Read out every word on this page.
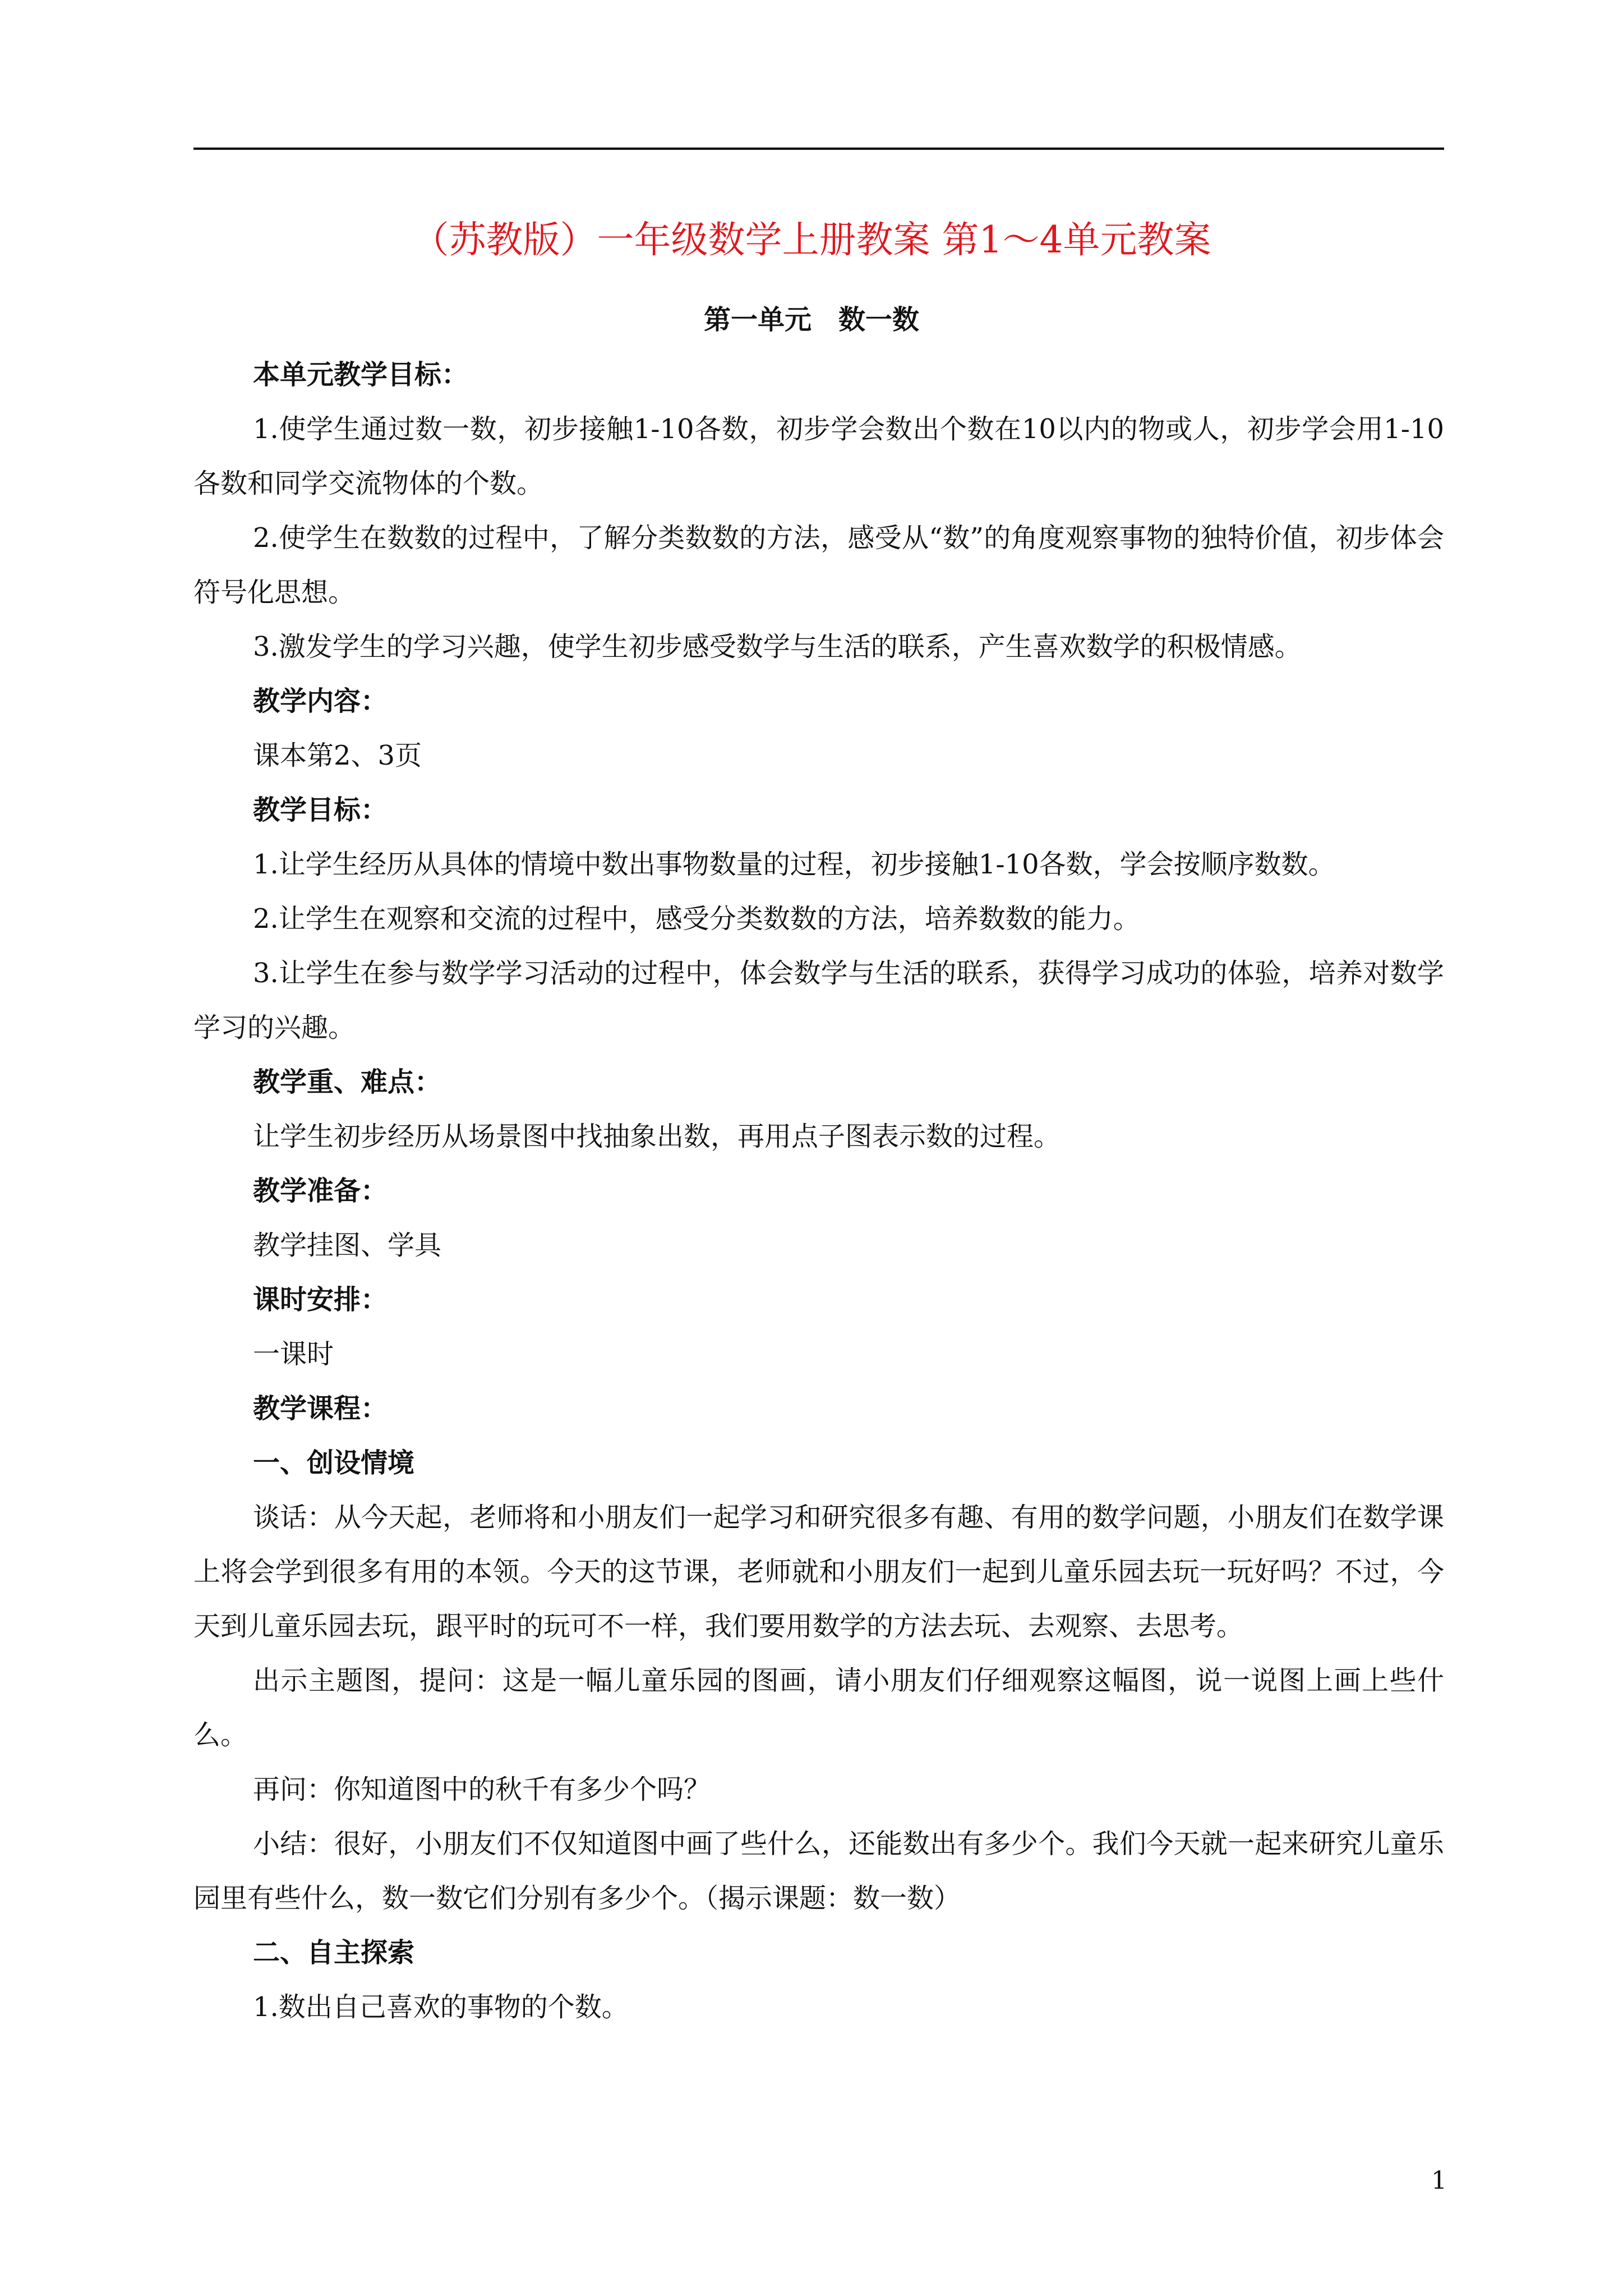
（苏教版）一年级数学上册教案 第1～4单元教案
第一单元　数一数

本单元教学目标：

1.使学生通过数一数，初步接触1-10各数，初步学会数出个数在10以内的物或人，初步学会用1-10各数和同学交流物体的个数。

2.使学生在数数的过程中，了解分类数数的方法，感受从“数”的角度观察事物的独特价值，初步体会符号化思想。

3.激发学生的学习兴趣，使学生初步感受数学与生活的联系，产生喜欢数学的积极情感。

教学内容：

课本第2、3页

教学目标：

1.让学生经历从具体的情境中数出事物数量的过程，初步接触1-10各数，学会按顺序数数。

2.让学生在观察和交流的过程中，感受分类数数的方法，培养数数的能力。

3.让学生在参与数学学习活动的过程中，体会数学与生活的联系，获得学习成功的体验，培养对数学学习的兴趣。

教学重、难点：

让学生初步经历从场景图中找抽象出数，再用点子图表示数的过程。

教学准备：

教学挂图、学具

课时安排：

一课时

教学课程：

一、创设情境

谈话：从今天起，老师将和小朋友们一起学习和研究很多有趣、有用的数学问题，小朋友们在数学课上将会学到很多有用的本领。今天的这节课，老师就和小朋友们一起到儿童乐园去玩一玩好吗？不过，今天到儿童乐园去玩，跟平时的玩可不一样，我们要用数学的方法去玩、去观察、去思考。

出示主题图，提问：这是一幅儿童乐园的图画，请小朋友们仔细观察这幅图，说一说图上画上些什么。

再问：你知道图中的秋千有多少个吗？

小结：很好，小朋友们不仅知道图中画了些什么，还能数出有多少个。我们今天就一起来研究儿童乐园里有些什么，数一数它们分别有多少个。（揭示课题：数一数）

二、自主探索

1.数出自己喜欢的事物的个数。

1
